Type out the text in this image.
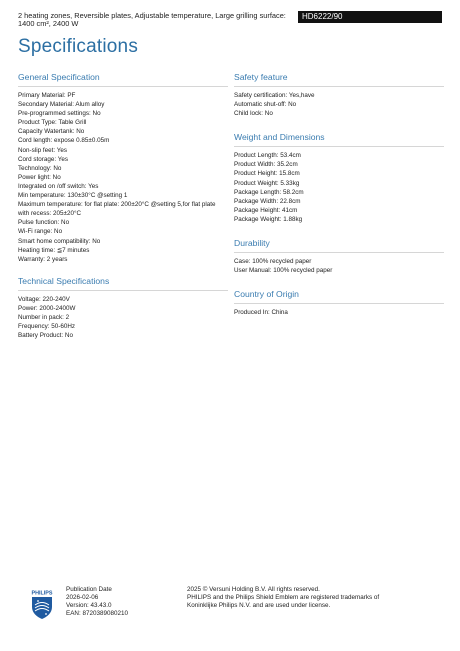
2 heating zones, Reversible plates, Adjustable temperature, Large grilling surface: 1400 cm², 2400 W
HD6222/90
Specifications
General Specification
Primary Material: PF
Secondary Material: Alum alloy
Pre-programmed settings: No
Product Type: Table Grill
Capacity Watertank: No
Cord length: expose 0.85±0.05m
Non-slip feet: Yes
Cord storage: Yes
Technology: No
Power light: No
Integrated on /off switch: Yes
Min temperature: 130±30°C @setting 1
Maximum temperature: for flat plate: 200±20°C @setting 5,for flat plate with recess: 205±20°C
Pulse function: No
Wi-Fi range: No
Smart home compatibility: No
Heating time: ≦7 minutes
Warranty: 2 years
Technical Specifications
Voltage: 220-240V
Power: 2000-2400W
Number in pack: 2
Frequency: 50-60Hz
Battery Product: No
Safety feature
Safety certification: Yes,have
Automatic shut-off: No
Child lock: No
Weight and Dimensions
Product Length: 53.4cm
Product Width: 35.2cm
Product Height: 15.8cm
Product Weight: 5.33kg
Package Length: 58.2cm
Package Width: 22.8cm
Package Height: 41cm
Package Weight: 1.88kg
Durability
Case: 100% recycled paper
User Manual: 100% recycled paper
Country of Origin
Produced In: China
PHILIPS
Publication Date
2026-02-06
Version: 43.43.0
EAN: 8720389080210
2025 © Versuni Holding B.V. All rights reserved.
PHILIPS and the Philips Shield Emblem are registered trademarks of Koninklijke Philips N.V. and are used under license.
